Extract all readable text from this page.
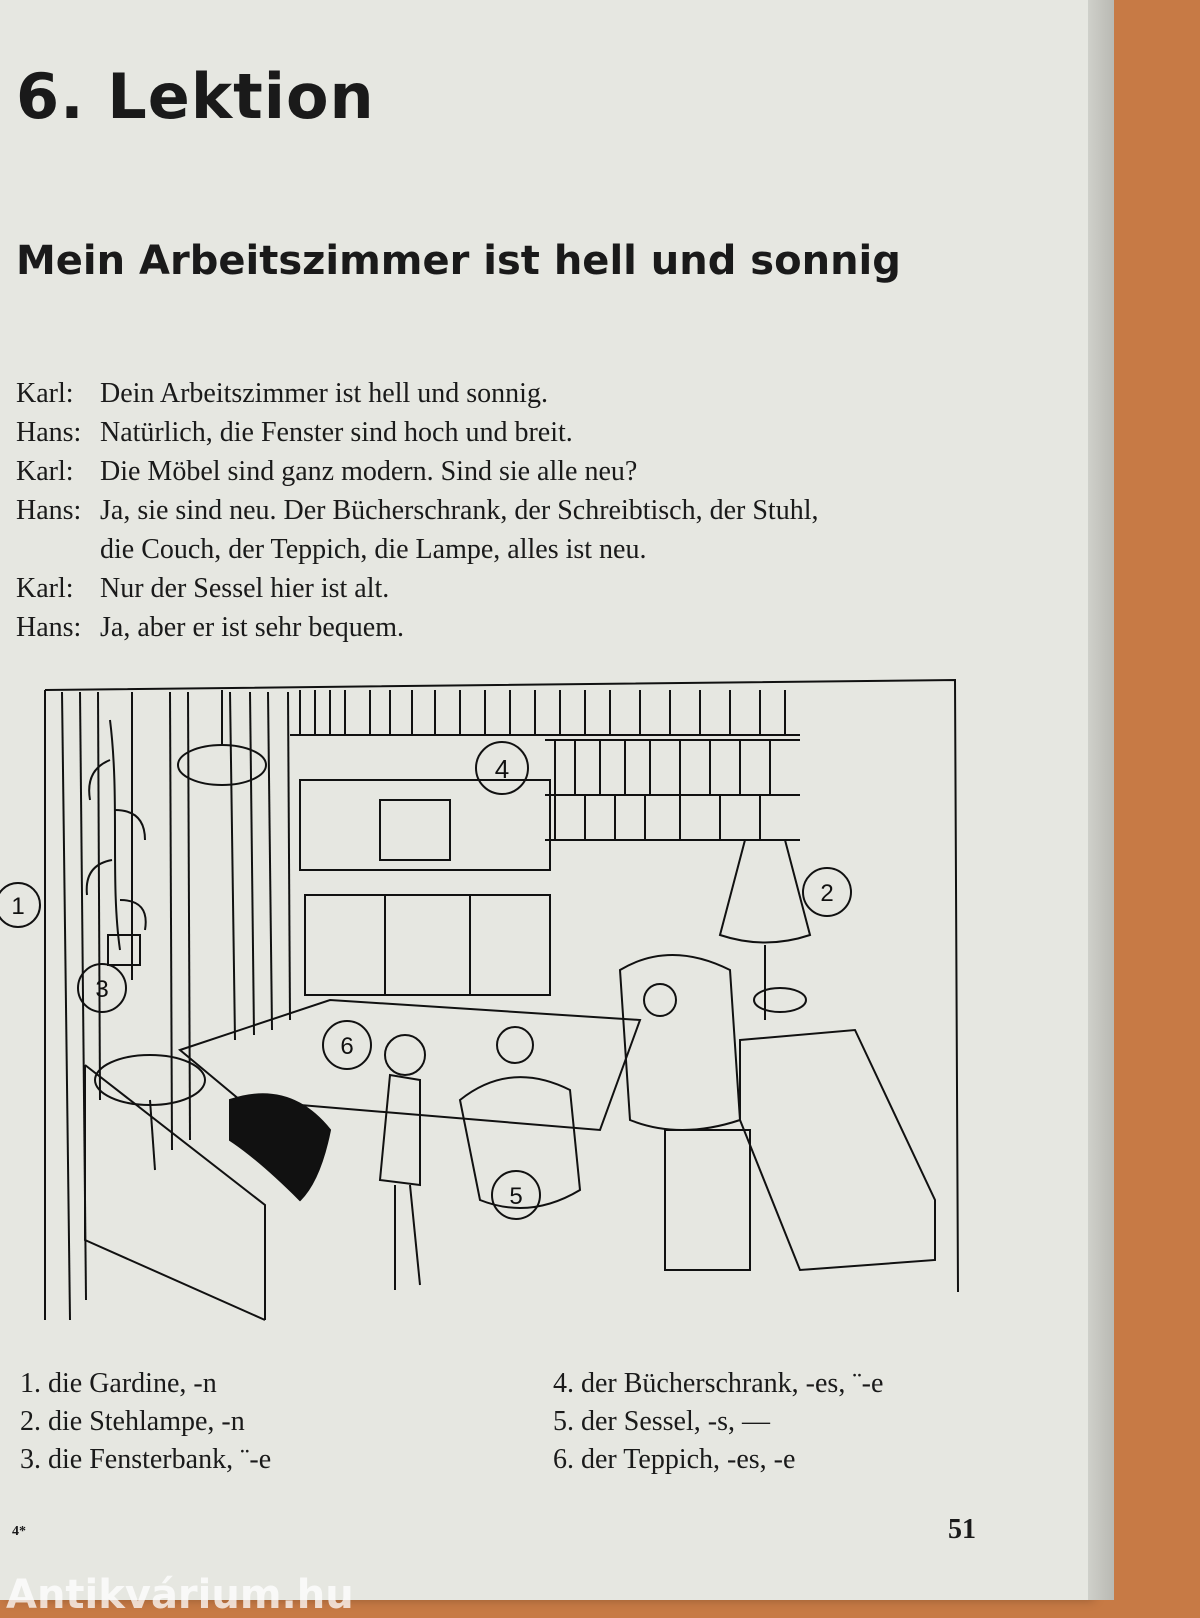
6. Lektion
Mein Arbeitszimmer ist hell und sonnig
Karl: Dein Arbeitszimmer ist hell und sonnig.
Hans: Natürlich, die Fenster sind hoch und breit.
Karl: Die Möbel sind ganz modern. Sind sie alle neu?
Hans: Ja, sie sind neu. Der Bücherschrank, der Schreibtisch, der Stuhl,
die Couch, der Teppich, die Lampe, alles ist neu.
Karl: Nur der Sessel hier ist alt.
Hans: Ja, aber er ist sehr bequem.
1	2
3
4
5
6
1. die Gardine, -n
2. die Stehlampe, -n
3. die Fensterbank, ¨-e
4. der Bücherschrank, -es, ¨-e
5. der Sessel, -s, —
6. der Teppich, -es, -e
4*	51
Antikvárium.hu
